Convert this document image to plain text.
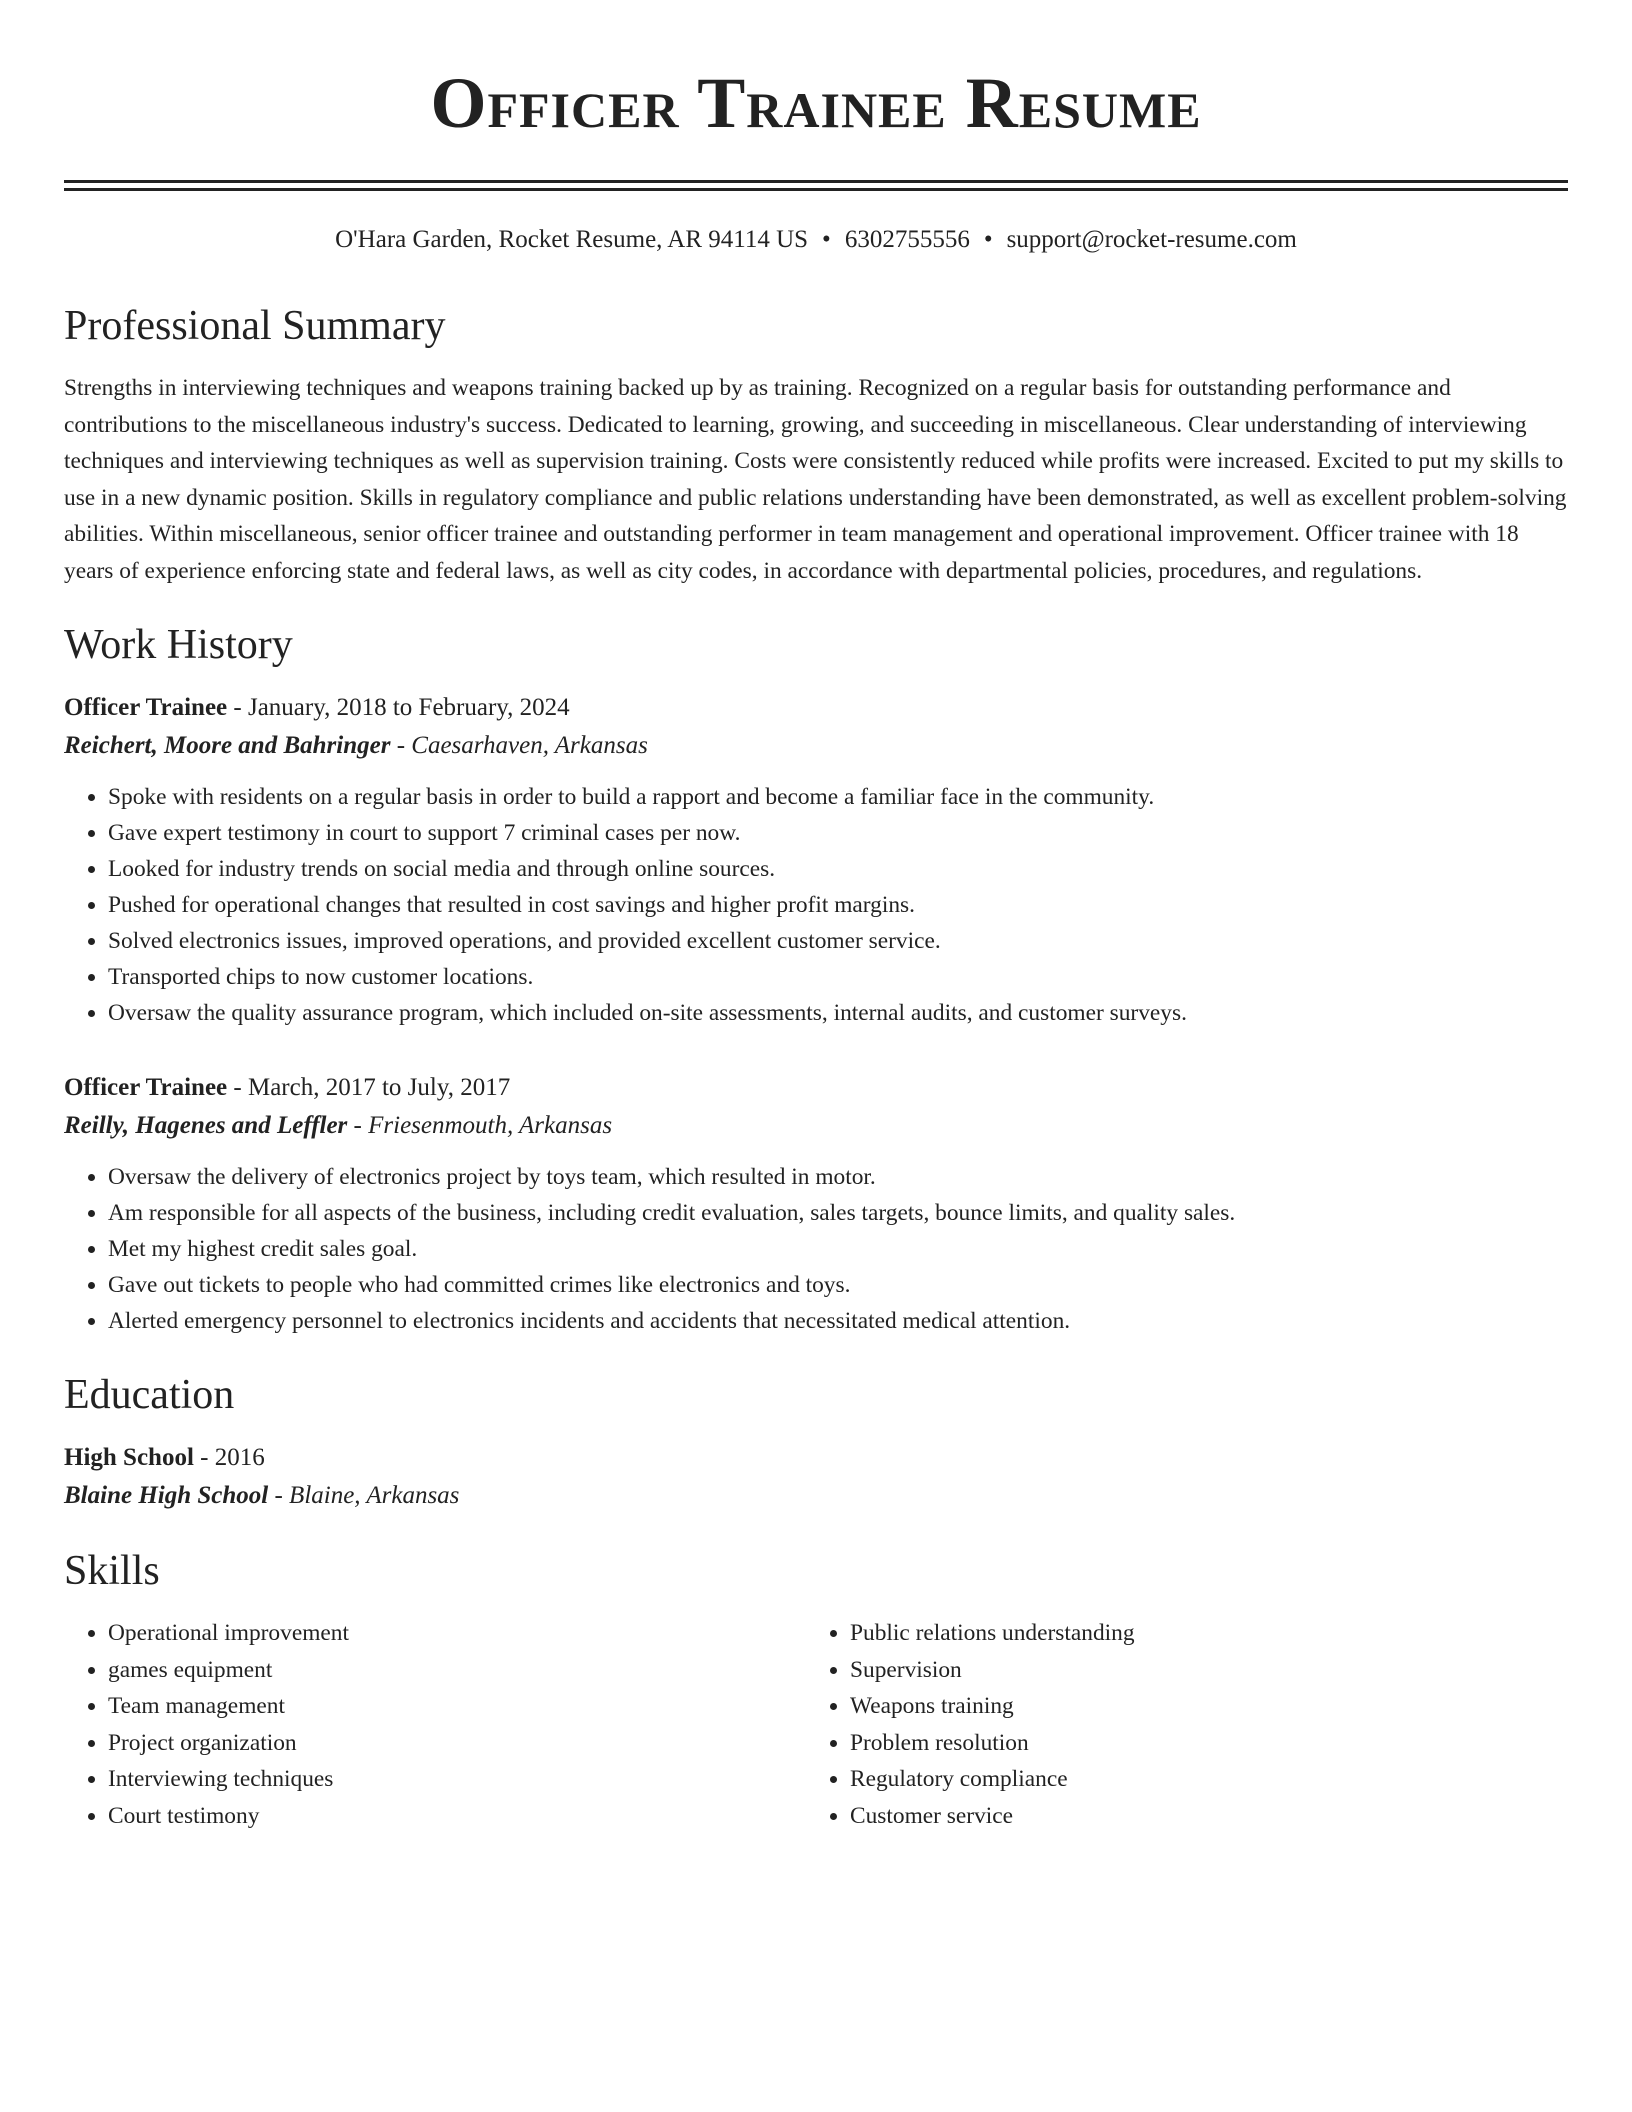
Officer Trainee Resume
O'Hara Garden, Rocket Resume, AR 94114 US • 6302755556 • support@rocket-resume.com
Professional Summary

Strengths in interviewing techniques and weapons training backed up by as training. Recognized on a regular basis for outstanding performance and contributions to the miscellaneous industry's success. Dedicated to learning, growing, and succeeding in miscellaneous. Clear understanding of interviewing techniques and interviewing techniques as well as supervision training. Costs were consistently reduced while profits were increased. Excited to put my skills to use in a new dynamic position. Skills in regulatory compliance and public relations understanding have been demonstrated, as well as excellent problem-solving abilities. Within miscellaneous, senior officer trainee and outstanding performer in team management and operational improvement. Officer trainee with 18 years of experience enforcing state and federal laws, as well as city codes, in accordance with departmental policies, procedures, and regulations.

Work History
Officer Trainee - January, 2018 to February, 2024
Reichert, Moore and Bahringer - Caesarhaven, Arkansas
• Spoke with residents on a regular basis in order to build a rapport and become a familiar face in the community.
• Gave expert testimony in court to support 7 criminal cases per now.
• Looked for industry trends on social media and through online sources.
• Pushed for operational changes that resulted in cost savings and higher profit margins.
• Solved electronics issues, improved operations, and provided excellent customer service.
• Transported chips to now customer locations.
• Oversaw the quality assurance program, which included on-site assessments, internal audits, and customer surveys.
Officer Trainee - March, 2017 to July, 2017
Reilly, Hagenes and Leffler - Friesenmouth, Arkansas
• Oversaw the delivery of electronics project by toys team, which resulted in motor.
• Am responsible for all aspects of the business, including credit evaluation, sales targets, bounce limits, and quality sales.
• Met my highest credit sales goal.
• Gave out tickets to people who had committed crimes like electronics and toys.
• Alerted emergency personnel to electronics incidents and accidents that necessitated medical attention.
Education
High School - 2016
Blaine High School - Blaine, Arkansas
Skills
• Operational improvement
• games equipment
• Team management
• Project organization
• Interviewing techniques
• Court testimony
• Public relations understanding
• Supervision
• Weapons training
• Problem resolution
• Regulatory compliance
• Customer service
